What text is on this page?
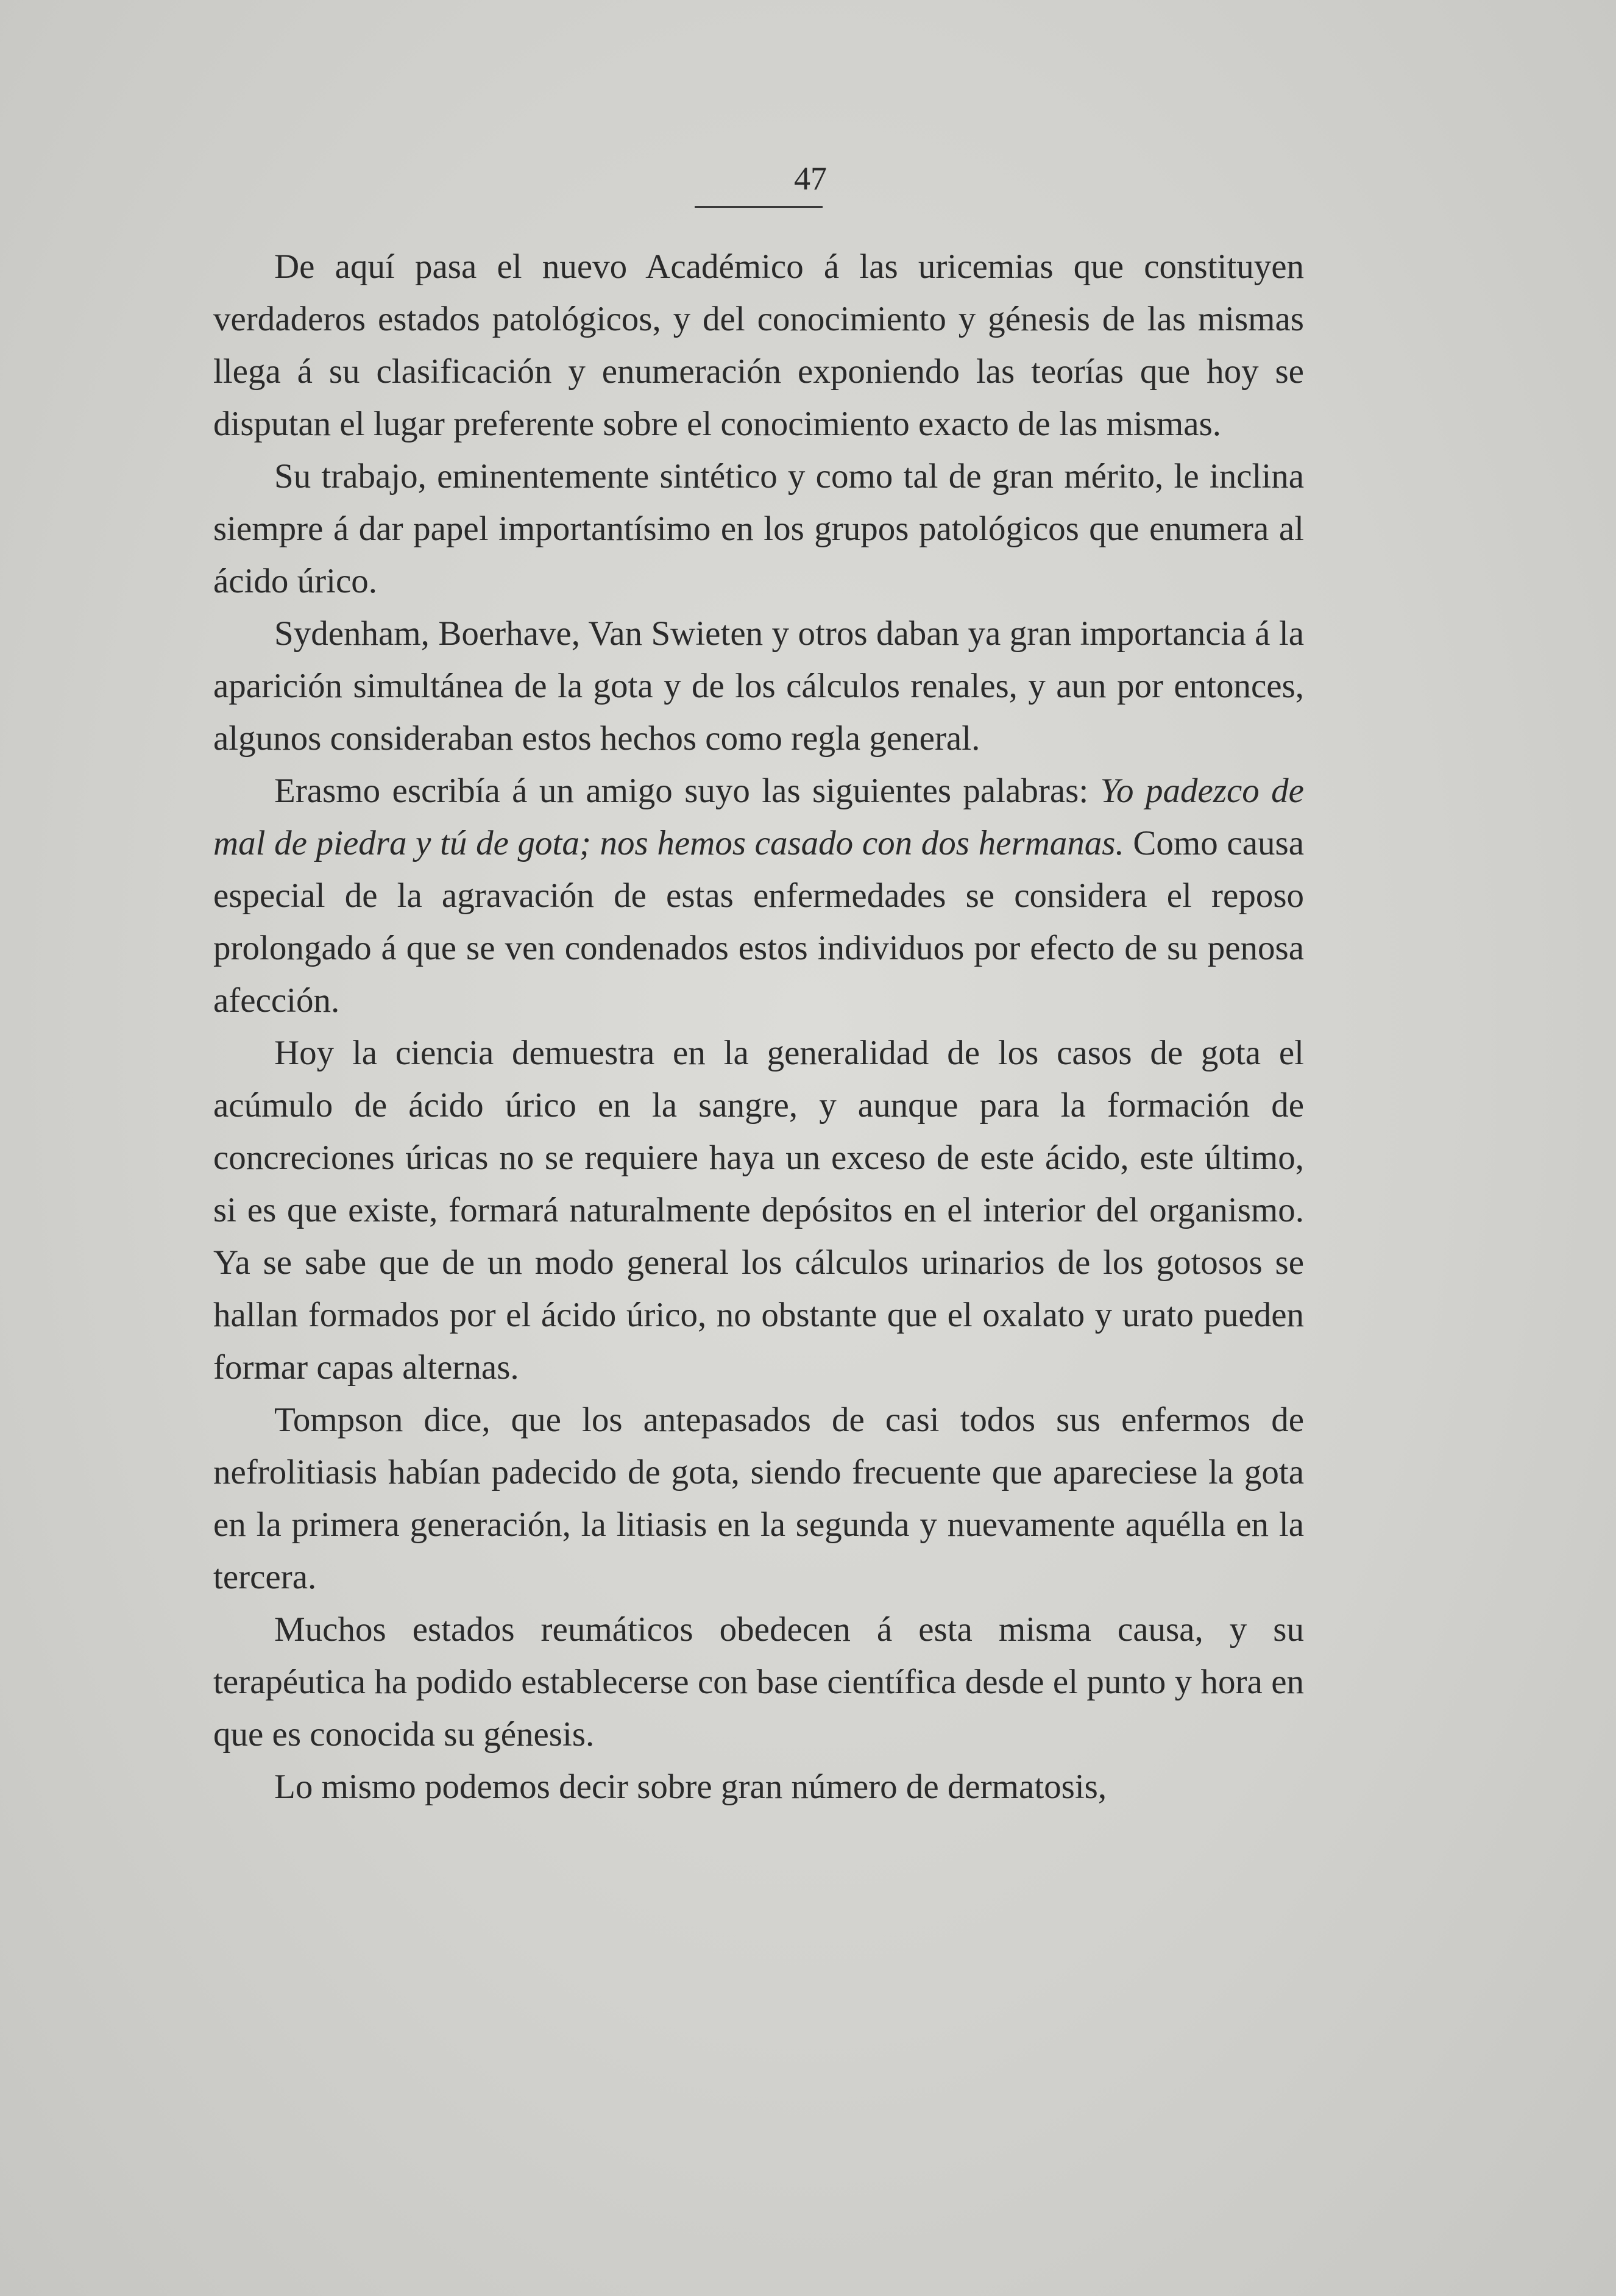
47

De aquí pasa el nuevo Académico á las uricemias que constituyen verdaderos estados patológicos, y del conocimiento y génesis de las mismas llega á su clasificación y enumeración exponiendo las teorías que hoy se disputan el lugar preferente sobre el conocimiento exacto de las mismas.

Su trabajo, eminentemente sintético y como tal de gran mérito, le inclina siempre á dar papel importantísimo en los grupos patológicos que enumera al ácido úrico.

Sydenham, Boerhave, Van Swieten y otros daban ya gran importancia á la aparición simultánea de la gota y de los cálculos renales, y aun por entonces, algunos consideraban estos hechos como regla general.

Erasmo escribía á un amigo suyo las siguientes palabras: Yo padezco de mal de piedra y tú de gota; nos hemos casado con dos hermanas. Como causa especial de la agravación de estas enfermedades se considera el reposo prolongado á que se ven condenados estos individuos por efecto de su penosa afección.

Hoy la ciencia demuestra en la generalidad de los casos de gota el acúmulo de ácido úrico en la sangre, y aunque para la formación de concreciones úricas no se requiere haya un exceso de este ácido, este último, si es que existe, formará naturalmente depósitos en el interior del organismo. Ya se sabe que de un modo general los cálculos urinarios de los gotosos se hallan formados por el ácido úrico, no obstante que el oxalato y urato pueden formar capas alternas.

Tompson dice, que los antepasados de casi todos sus enfermos de nefrolitiasis habían padecido de gota, siendo frecuente que apareciese la gota en la primera generación, la litiasis en la segunda y nuevamente aquélla en la tercera.

Muchos estados reumáticos obedecen á esta misma causa, y su terapéutica ha podido establecerse con base científica desde el punto y hora en que es conocida su génesis.

Lo mismo podemos decir sobre gran número de dermatosis,
